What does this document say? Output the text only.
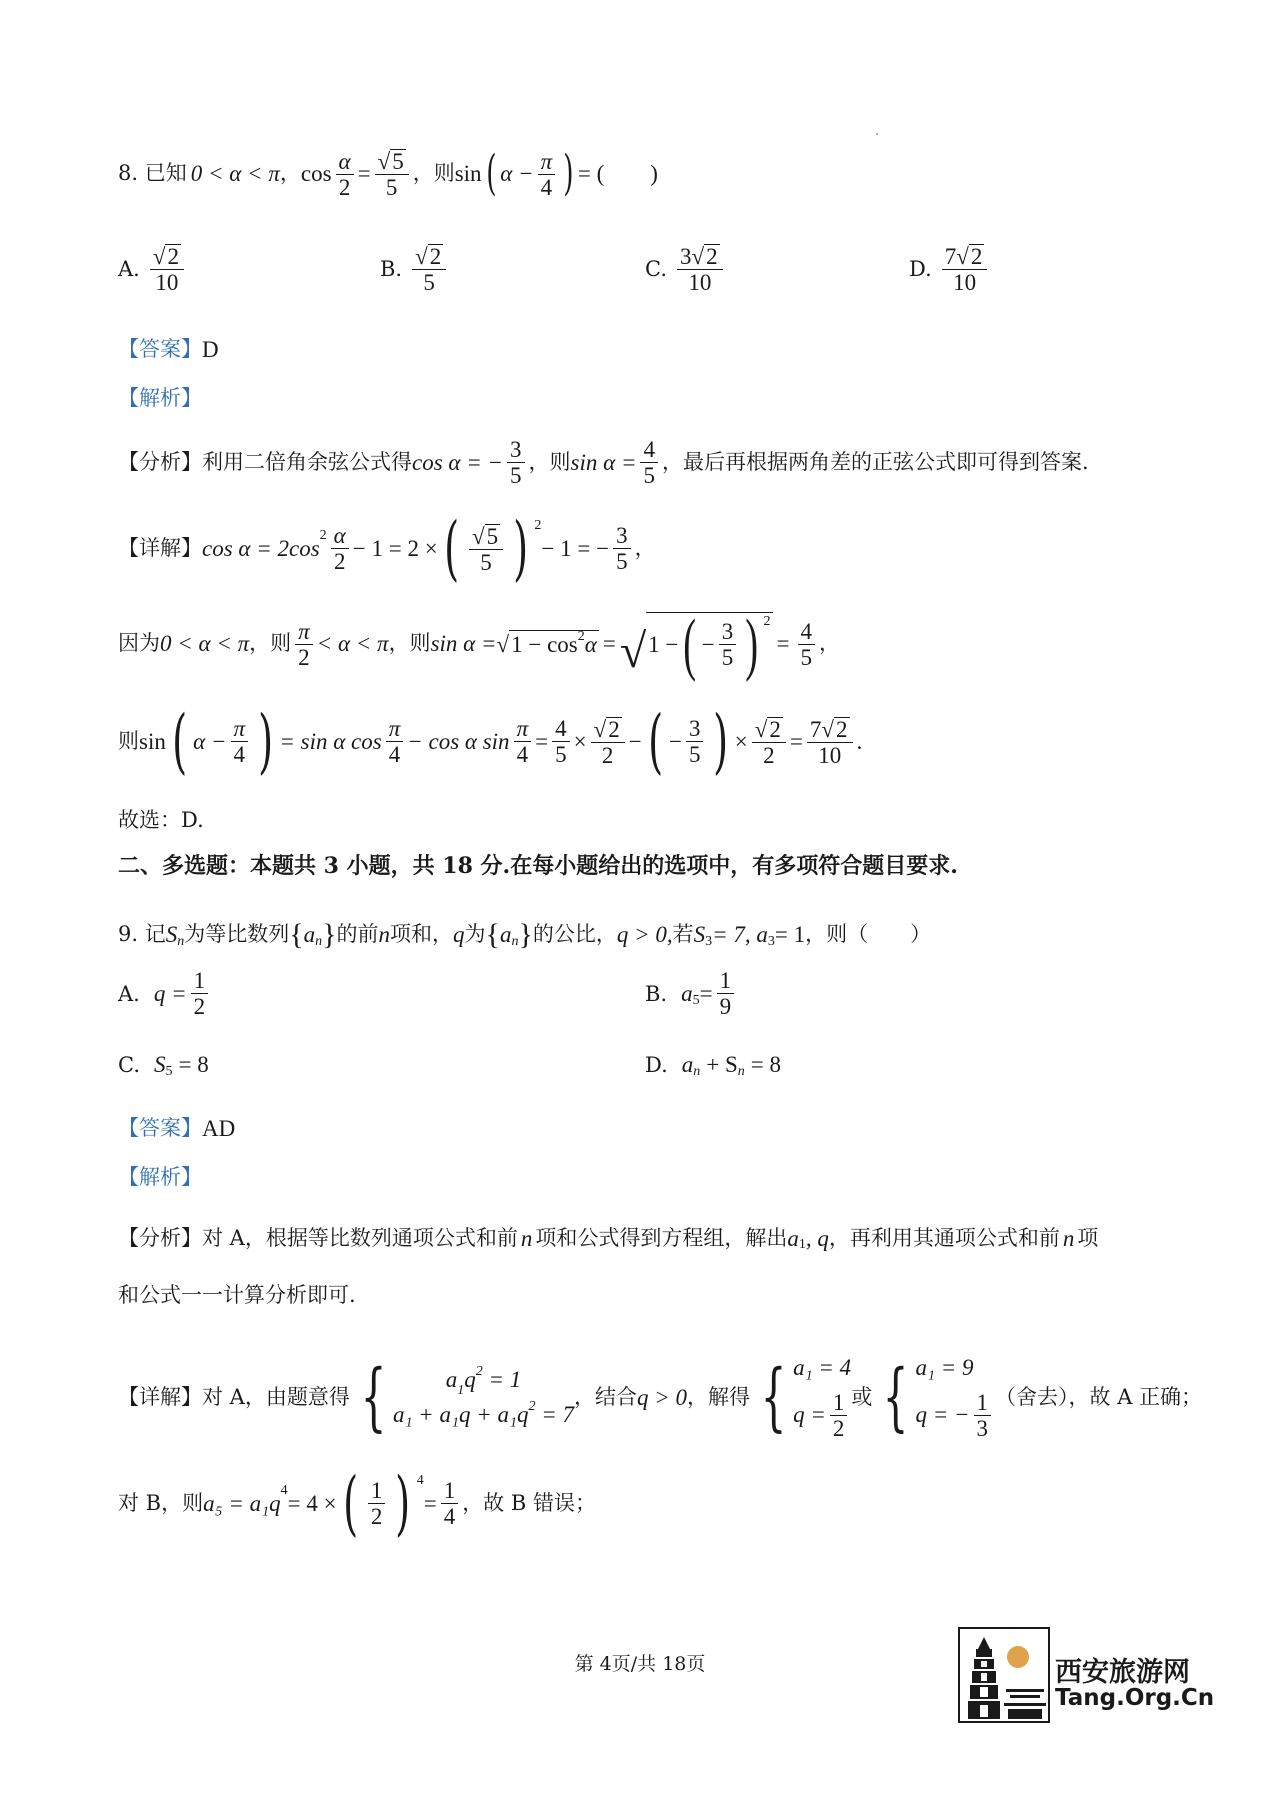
8. 已知 0 < α < π ， $\cos \frac{\alpha}{2} = \frac{√ 5}{5}$ ，则 sin ( $\alpha - \frac{\pi}{4}$ ) = (　　)
A. $\frac{√ 2}{10}$	B. $\frac{√ 2}{5}$	C. $\frac{3√ 2}{10}$	D. $\frac{7√ 2}{10}$
【答案】 D
【解析】
【分析】 利用二倍角余弦公式得 cos α = − $\frac{3}{5}$ ，则 $\sin \alpha = \frac{4}{5}$ ，最后再根据两角差的正弦公式即可得到答案.
【详解】 cos α = 2cos
$2 \frac{\alpha}{2} - 1 = 2$ × ( $\frac{√ 5}{5}$ ) 2
− 1 = − $\frac{3}{5}$ ，
因为 0 < α < π ，则 $\frac{\pi}{2} < \alpha < \pi$ ，则 sin α = √ $1 - \cos^2\alpha$ = √ 1 − ( − $\frac{3}{5}$ ) 2
= $\frac{4}{5}$ ，
则 sin ( $\alpha - \frac{\pi}{4}$ ) = sin α $\cos \frac{\pi}{4} - \cos \alpha$ $\sin \frac{\pi}{4} = \frac{4}{5} \times \frac{√ 2}{2}$ − ( − $\frac{3}{5}$ ) × $\frac{√ 2}{2} = \frac{7√ 2}{10}$ .
故选：D.
二、多选题：本题共 3 小题，共 18 分.在每小题给出的选项中，有多项符合题目要求.
9. 记 S n 为等比数列 { a n } 的前 n 项和， q 为 { a n } 的公比， q > 0, 若 S 3 = 7, a 3 = 1 ，则（　　）
A. $q = \frac{1}{2}$	B. a $5 = \frac{1}{9}$
C. S 5 = 8	D. a n + S n = 8
【答案】 AD
【解析】
【分析】 对 A，根据等比数列通项公式和前 n 项和公式得到方程组，解出 a 1 , q ，再利用其通项公式和前 n 项
和公式一一计算分析即可.
【详解】 对 A，由题意得 {	$a_1q^2 = 1$
$a_1 + a_1q + a_1q^2 = 7$
，结合 q > 0 ，解得 { a₁ = 4
$q = \frac{1}{2}$ 或 { a₁ = 9
q = − $\frac{1}{3}$ （舍去），故 A 正确；
对 B，则 a₅ = a₁q
4
= 4 × ( $\frac{1}{2}$ ) 4
= $\frac{1}{4}$ ，故 B 错误；
第 4页/共 18页	西安旅游网
Tang.Org.Cn
